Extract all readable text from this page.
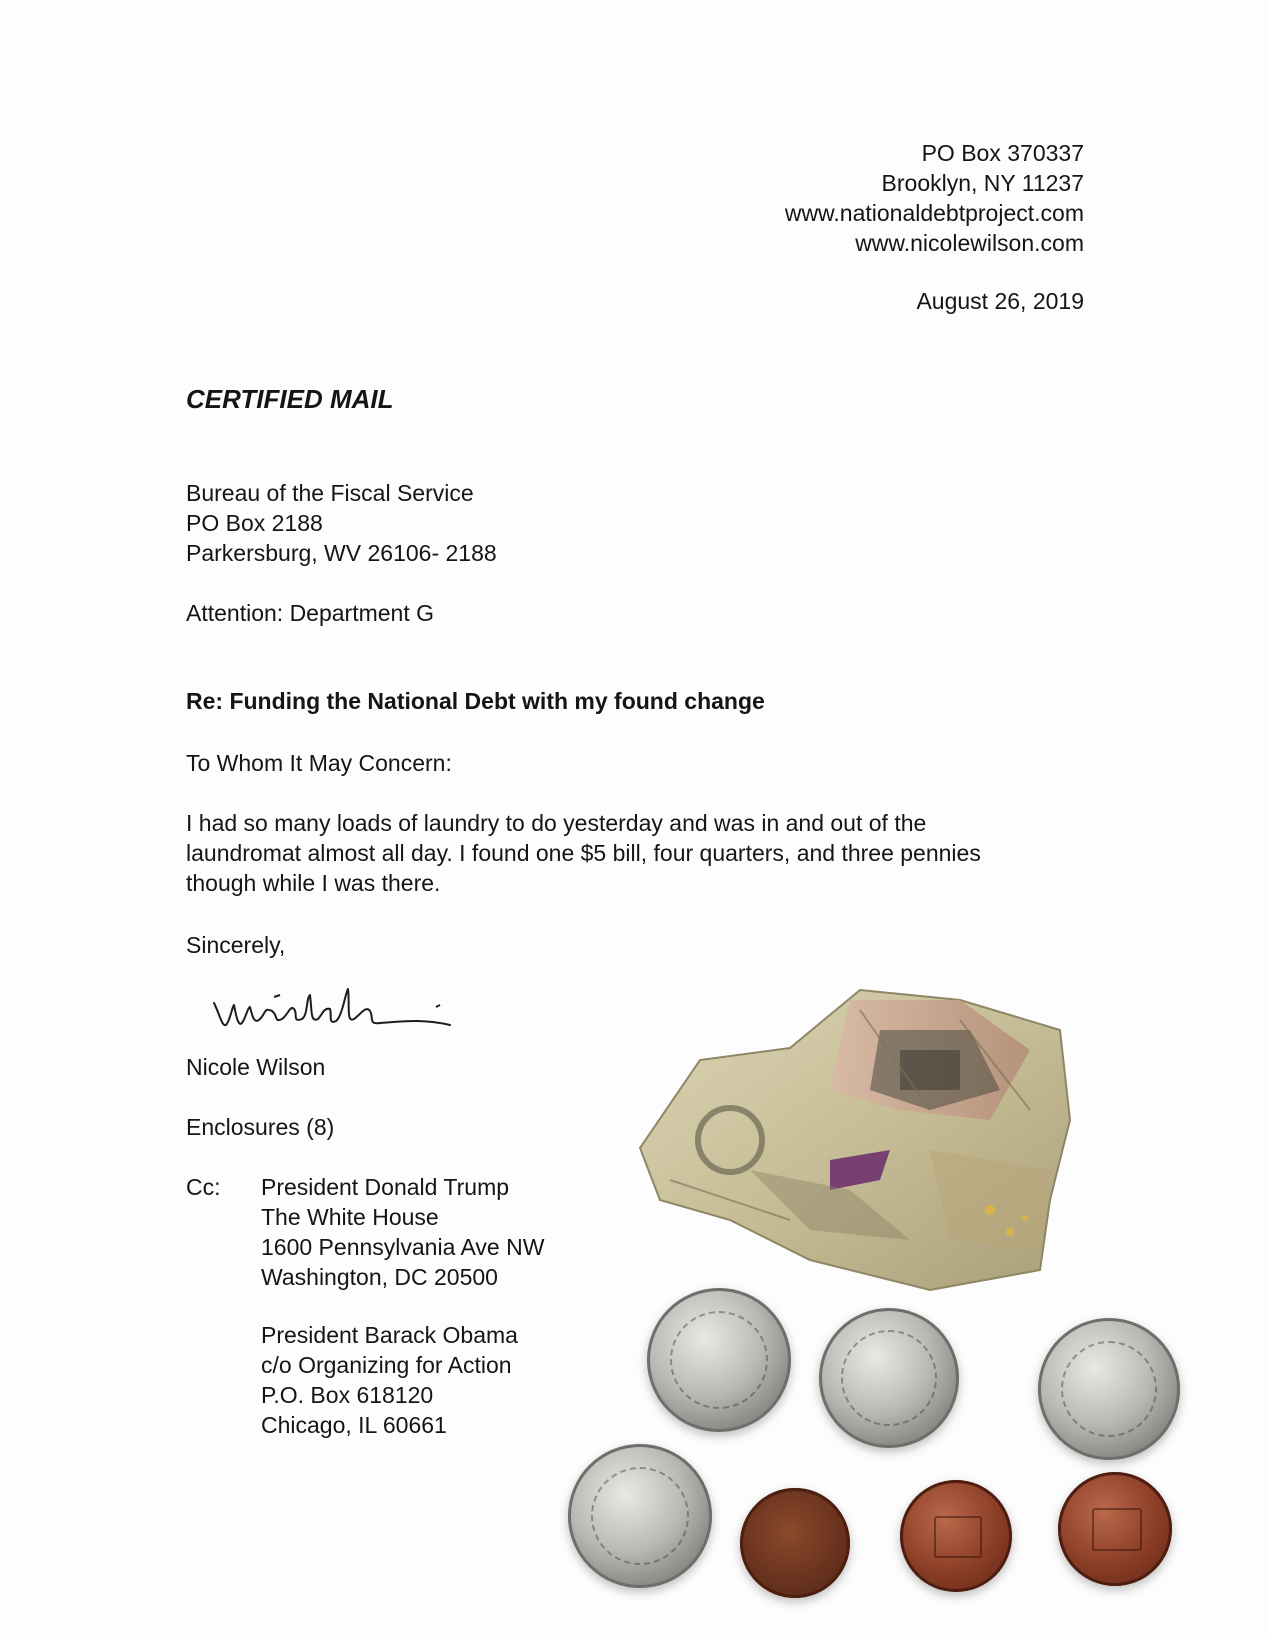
PO Box 370337
Brooklyn, NY 11237
www.nationaldebtproject.com
www.nicolewilson.com
August 26, 2019
CERTIFIED MAIL
Bureau of the Fiscal Service
PO Box 2188
Parkersburg, WV 26106- 2188
Attention: Department G
Re: Funding the National Debt with my found change
To Whom It May Concern:
I had so many loads of laundry to do yesterday and was in and out of the
laundromat almost all day. I found one $5 bill, four quarters, and three pennies
though while I was there.
Sincerely,
Nicole Wilson
Enclosures (8)
Cc: President Donald Trump
The White House
1600 Pennsylvania Ave NW
Washington, DC 20500
President Barack Obama
c/o Organizing for Action
P.O. Box 618120
Chicago, IL 60661
